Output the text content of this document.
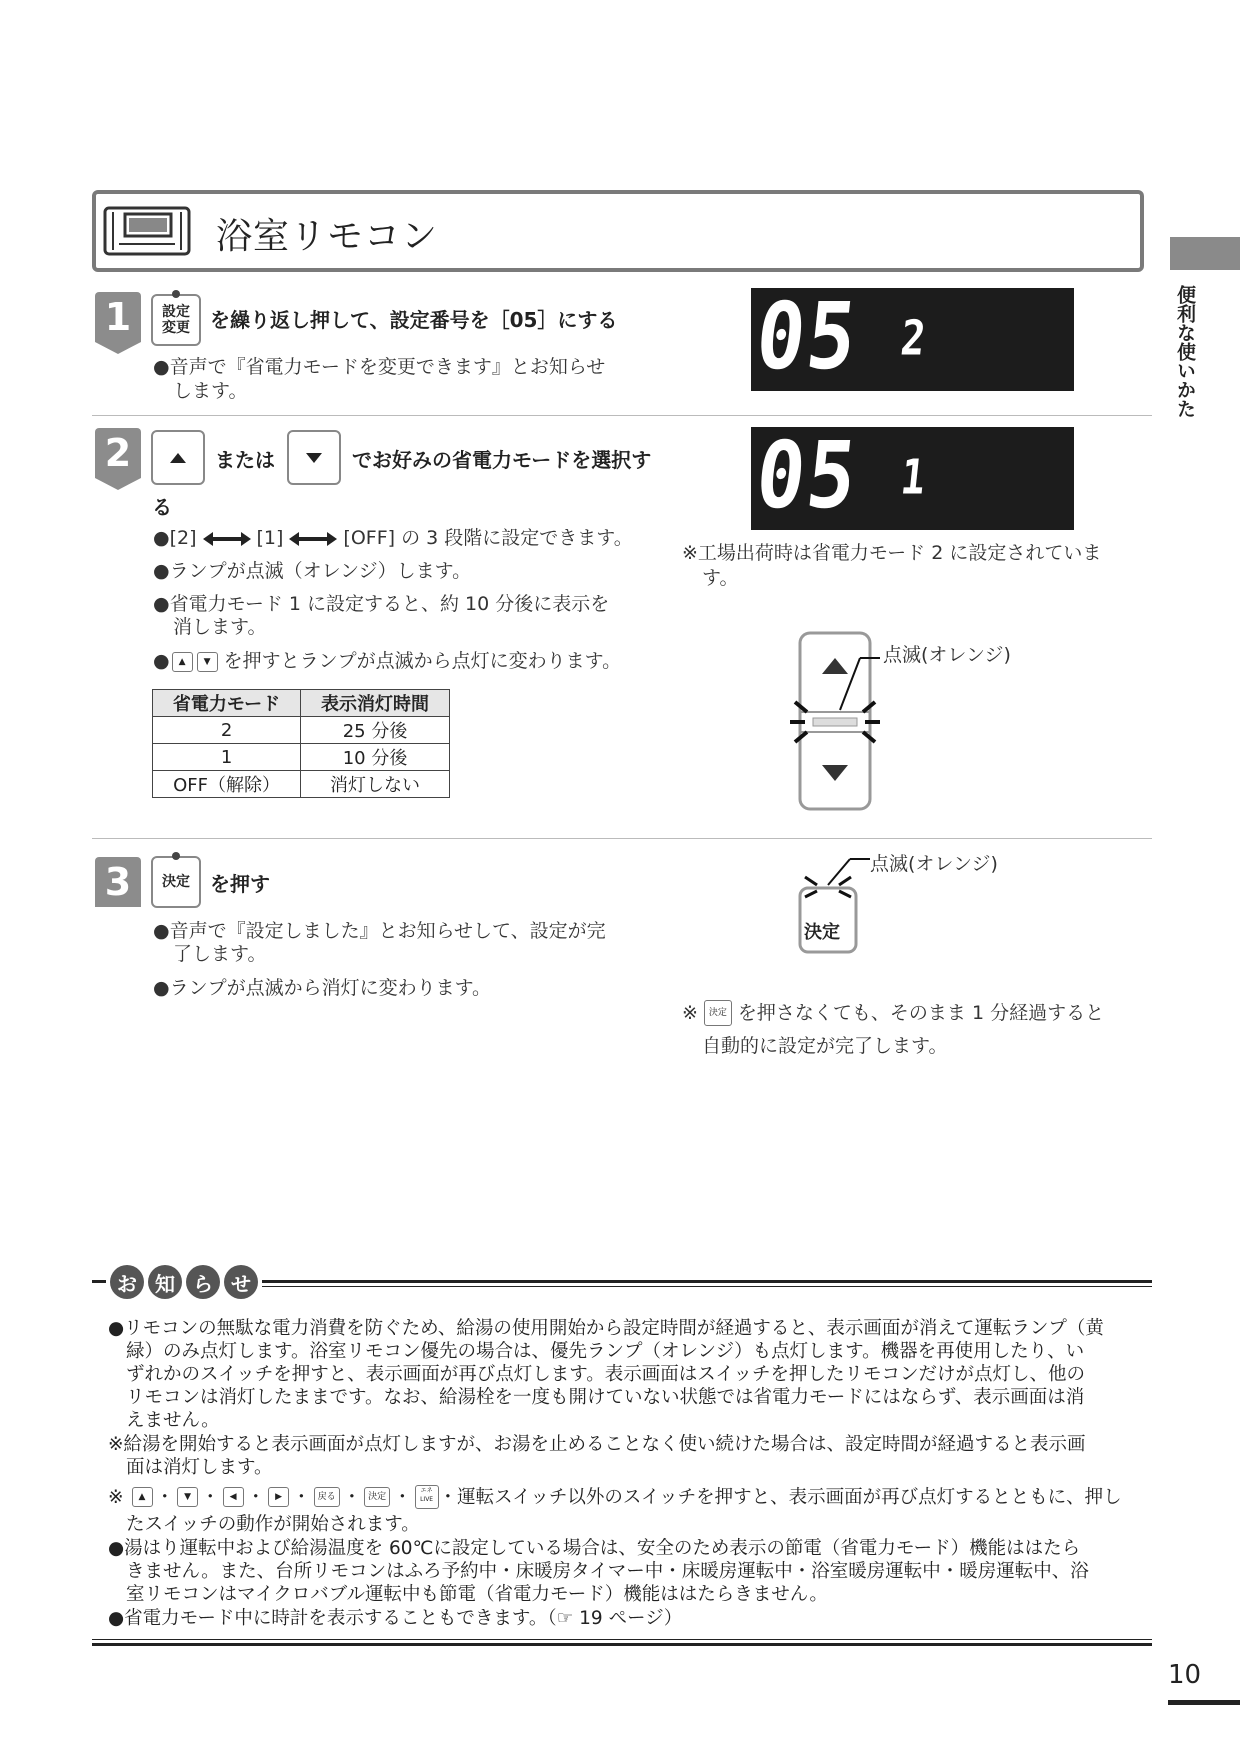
浴室リモコン
便利な使いかた
1	設定
変更 を繰り返し押して、設定番号を［05］にする
●音声で『省電力モードを変更できます』とお知らせ
します。
05 2
2	または	でお好みの省電力モードを選択す
る
●[2]	[1]	[OFF] の 3 段階に設定できます。
●ランプが点滅（オレンジ）します。
●省電力モード 1 に設定すると、約 10 分後に表示を
消します。
●	▲	▼ を押すとランプが点滅から点灯に変わります。
省電力モード	表示消灯時間
2	25 分後
1	10 分後
OFF（解除）	消灯しない
05 1
※工場出荷時は省電力モード 2 に設定されていま
す。
点滅(オレンジ)
3	決定 を押す
●音声で『設定しました』とお知らせして、設定が完
了します。
●ランプが点滅から消灯に変わります。
決定
点滅(オレンジ)
※	決定 を押さなくても、そのまま 1 分経過すると
自動的に設定が完了します。
お 知 ら せ
●リモコンの無駄な電力消費を防ぐため、給湯の使用開始から設定時間が経過すると、表示画面が消えて運転ランプ（黄
緑）のみ点灯します。浴室リモコン優先の場合は、優先ランプ（オレンジ）も点灯します。機器を再使用したり、い
ずれかのスイッチを押すと、表示画面が再び点灯します。表示画面はスイッチを押したリモコンだけが点灯し、他の
リモコンは消灯したままです。なお、給湯栓を一度も開けていない状態では省電力モードにはならず、表示画面は消
えません。
※給湯を開始すると表示画面が点灯しますが、お湯を止めることなく使い続けた場合は、設定時間が経過すると表示画
面は消灯します。
※	▲ ・	▼ ・	◀ ・	▶ ・ 戻る ・ 決定 ・	エネLIVE ・運転スイッチ以外のスイッチを押すと、表示画面が再び点灯するとともに、押し
たスイッチの動作が開始されます。
●湯はり運転中および給湯温度を 60℃に設定している場合は、安全のため表示の節電（省電力モード）機能ははたら
きません。また、台所リモコンはふろ予約中・床暖房タイマー中・床暖房運転中・浴室暖房運転中・暖房運転中、浴
室リモコンはマイクロバブル運転中も節電（省電力モード）機能ははたらきません。
●省電力モード中に時計を表示することもできます。（☞ 19 ページ）
10
